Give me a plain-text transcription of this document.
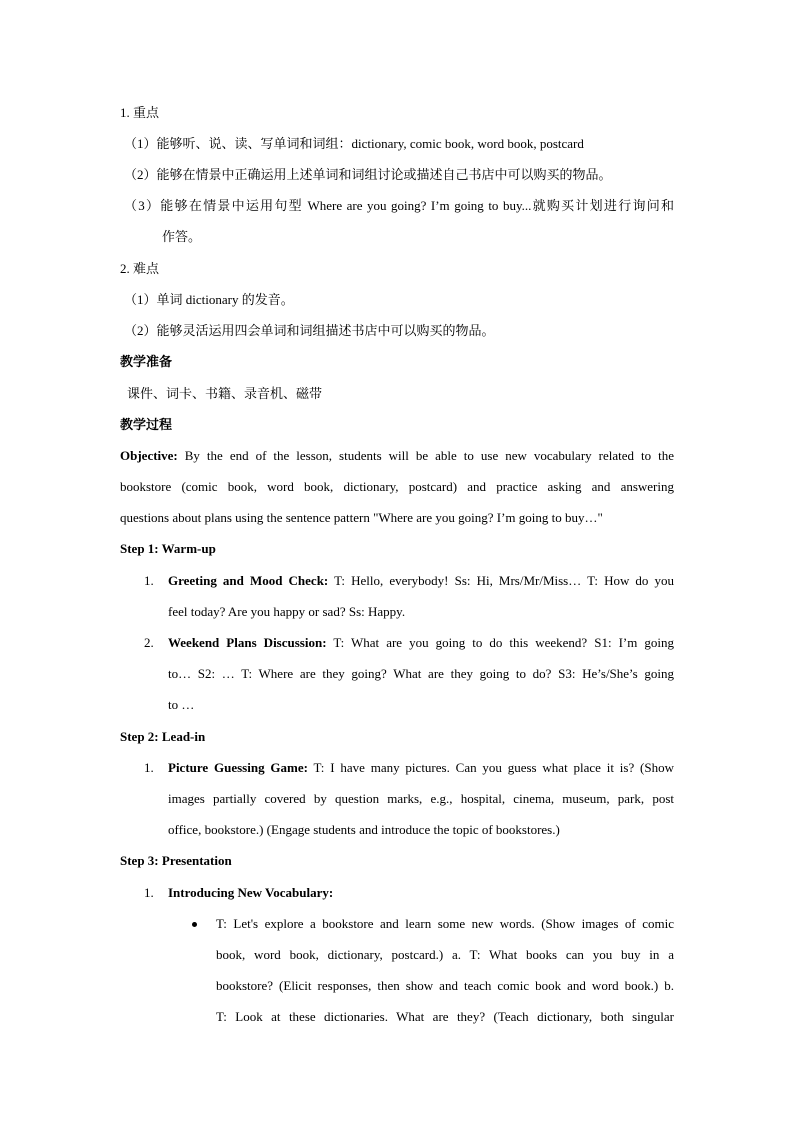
1. 重点
（1）能够听、说、读、写单词和词组：dictionary, comic book, word book, postcard
（2）能够在情景中正确运用上述单词和词组讨论或描述自己书店中可以购买的物品。
（3）能够在情景中运用句型 Where are you going? I’m going to buy...就购买计划进行询问和
作答。
2. 难点
（1）单词 dictionary 的发音。
（2）能够灵活运用四会单词和词组描述书店中可以购买的物品。
教学准备
课件、词卡、书籍、录音机、磁带
教学过程
Objective: By the end of the lesson, students will be able to use new vocabulary related to the
bookstore (comic book, word book, dictionary, postcard) and practice asking and answering
questions about plans using the sentence pattern "Where are you going? I’m going to buy…"
Step 1: Warm-up
1. Greeting and Mood Check: T: Hello, everybody! Ss: Hi, Mrs/Mr/Miss… T: How do you
feel today? Are you happy or sad? Ss: Happy.
2. Weekend Plans Discussion: T: What are you going to do this weekend? S1: I’m going
to… S2: … T: Where are they going? What are they going to do? S3: He’s/She’s going
to …
Step 2: Lead-in
1. Picture Guessing Game: T: I have many pictures. Can you guess what place it is? (Show
images partially covered by question marks, e.g., hospital, cinema, museum, park, post
office, bookstore.) (Engage students and introduce the topic of bookstores.)
Step 3: Presentation
1. Introducing New Vocabulary:
T: Let's explore a bookstore and learn some new words. (Show images of comic
book, word book, dictionary, postcard.) a. T: What books can you buy in a
bookstore? (Elicit responses, then show and teach comic book and word book.) b.
T: Look at these dictionaries. What are they? (Teach dictionary, both singular
